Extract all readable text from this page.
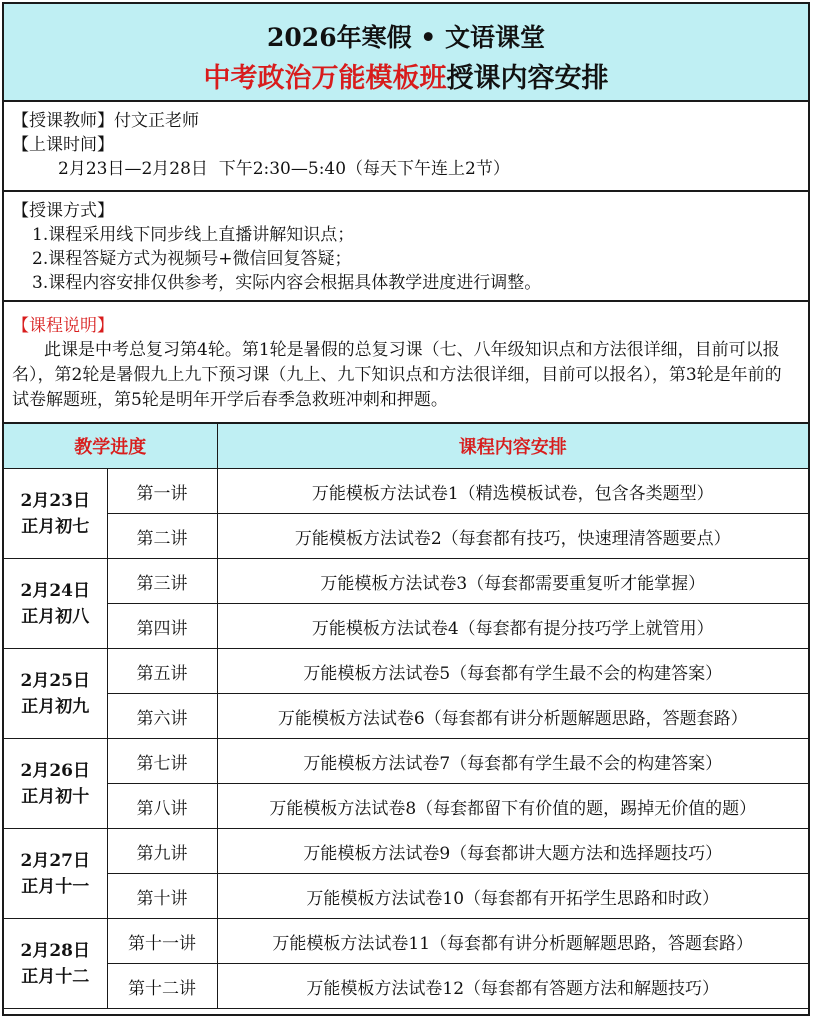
2026年寒假 • 文语课堂
中考政治万能模板班授课内容安排
【授课教师】付文正老师
【上课时间】
2月23日—2月28日  下午2:30—5:40（每天下午连上2节）
【授课方式】
1.课程采用线下同步线上直播讲解知识点；
2.课程答疑方式为视频号+微信回复答疑；
3.课程内容安排仅供参考，实际内容会根据具体教学进度进行调整。
【课程说明】
此课是中考总复习第4轮。第1轮是暑假的总复习课（七、八年级知识点和方法很详细，目前可以报名），第2轮是暑假九上九下预习课（九上、九下知识点和方法很详细，目前可以报名），第3轮是年前的试卷解题班，第5轮是明年开学后春季急救班冲刺和押题。
教学进度		课程内容安排

2月23日
正月初七	第一讲	万能模板方法试卷1（精选模板试卷，包含各类题型）
	第二讲	万能模板方法试卷2（每套都有技巧，快速理清答题要点）

2月24日
正月初八	第三讲	万能模板方法试卷3（每套都需要重复听才能掌握）
	第四讲	万能模板方法试卷4（每套都有提分技巧学上就管用）

2月25日
正月初九	第五讲	万能模板方法试卷5（每套都有学生最不会的构建答案）
	第六讲	万能模板方法试卷6（每套都有讲分析题解题思路，答题套路）

2月26日
正月初十	第七讲	万能模板方法试卷7（每套都有学生最不会的构建答案）
	第八讲	万能模板方法试卷8（每套都留下有价值的题，踢掉无价值的题）

2月27日
正月十一	第九讲	万能模板方法试卷9（每套都讲大题方法和选择题技巧）
	第十讲	万能模板方法试卷10（每套都有开拓学生思路和时政）

2月28日
正月十二	第十一讲	万能模板方法试卷11（每套都有讲分析题解题思路，答题套路）
	第十二讲	万能模板方法试卷12（每套都有答题方法和解题技巧）
